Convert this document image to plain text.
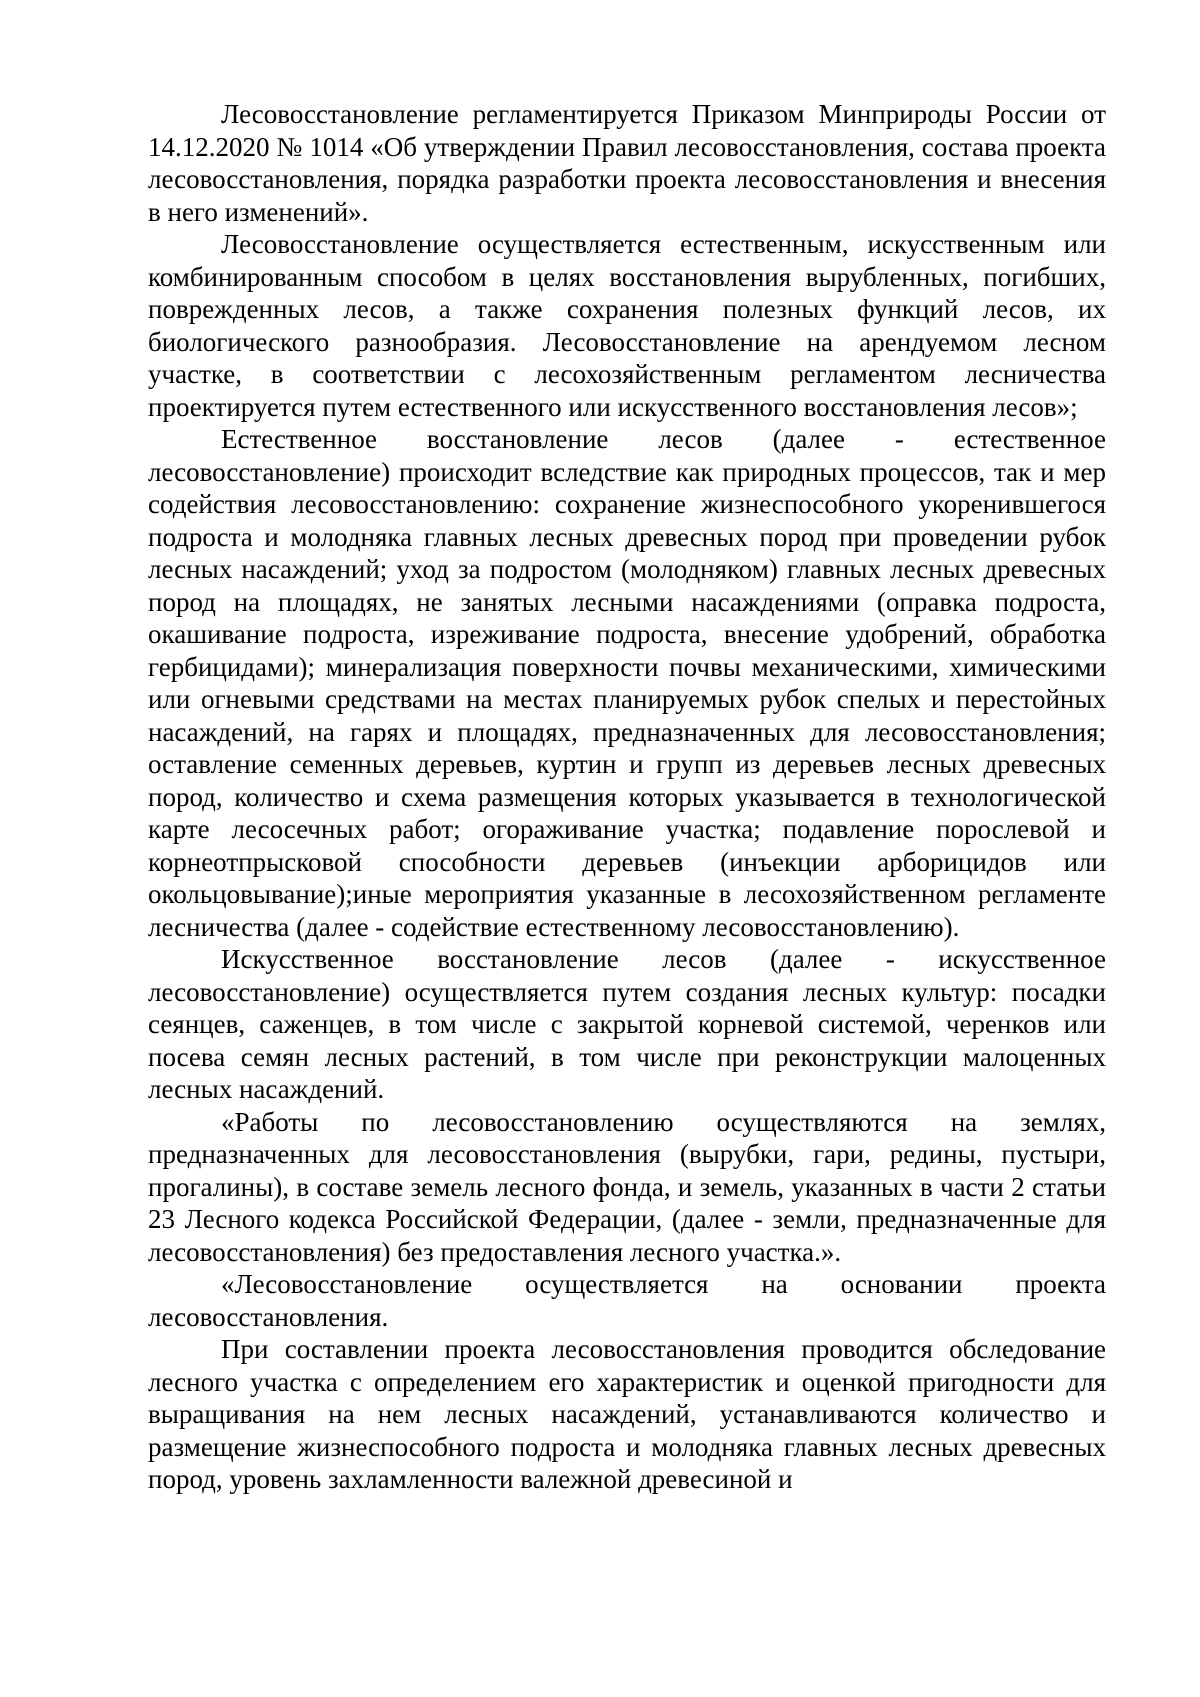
Лесовосстановление регламентируется Приказом Минприроды России от 14.12.2020 № 1014 «Об утверждении Правил лесовосстановления, состава проекта лесовосстановления, порядка разработки проекта лесовосстановления и внесения в него изменений».

Лесовосстановление осуществляется естественным, искусственным или комбинированным способом в целях восстановления вырубленных, погибших, поврежденных лесов, а также сохранения полезных функций лесов, их биологического разнообразия. Лесовосстановление на арендуемом лесном участке, в соответствии с лесохозяйственным регламентом лесничества проектируется путем естественного или искусственного восстановления лесов»;

Естественное восстановление лесов (далее - естественное лесовосстановление) происходит вследствие как природных процессов, так и мер содействия лесовосстановлению: сохранение жизнеспособного укоренившегося подроста и молодняка главных лесных древесных пород при проведении рубок лесных насаждений; уход за подростом (молодняком) главных лесных древесных пород на площадях, не занятых лесными насаждениями (оправка подроста, окашивание подроста, изреживание подроста, внесение удобрений, обработка гербицидами); минерализация поверхности почвы механическими, химическими или огневыми средствами на местах планируемых рубок спелых и перестойных насаждений, на гарях и площадях, предназначенных для лесовосстановления; оставление семенных деревьев, куртин и групп из деревьев лесных древесных пород, количество и схема размещения которых указывается в технологической карте лесосечных работ; огораживание участка; подавление порослевой и корнеотпрысковой способности деревьев (инъекции арборицидов или окольцовывание);иные мероприятия указанные в лесохозяйственном регламенте лесничества (далее - содействие естественному лесовосстановлению).

Искусственное восстановление лесов (далее - искусственное лесовосстановление) осуществляется путем создания лесных культур: посадки сеянцев, саженцев, в том числе с закрытой корневой системой, черенков или посева семян лесных растений, в том числе при реконструкции малоценных лесных насаждений.

«Работы по лесовосстановлению осуществляются на землях, предназначенных для лесовосстановления (вырубки, гари, редины, пустыри, прогалины), в составе земель лесного фонда, и земель, указанных в части 2 статьи 23 Лесного кодекса Российской Федерации, (далее - земли, предназначенные для лесовосстановления) без предоставления лесного участка.».

«Лесовосстановление осуществляется на основании проекта лесовосстановления.

При составлении проекта лесовосстановления проводится обследование лесного участка с определением его характеристик и оценкой пригодности для выращивания на нем лесных насаждений, устанавливаются количество и размещение жизнеспособного подроста и молодняка главных лесных древесных пород, уровень захламленности валежной древесиной и
